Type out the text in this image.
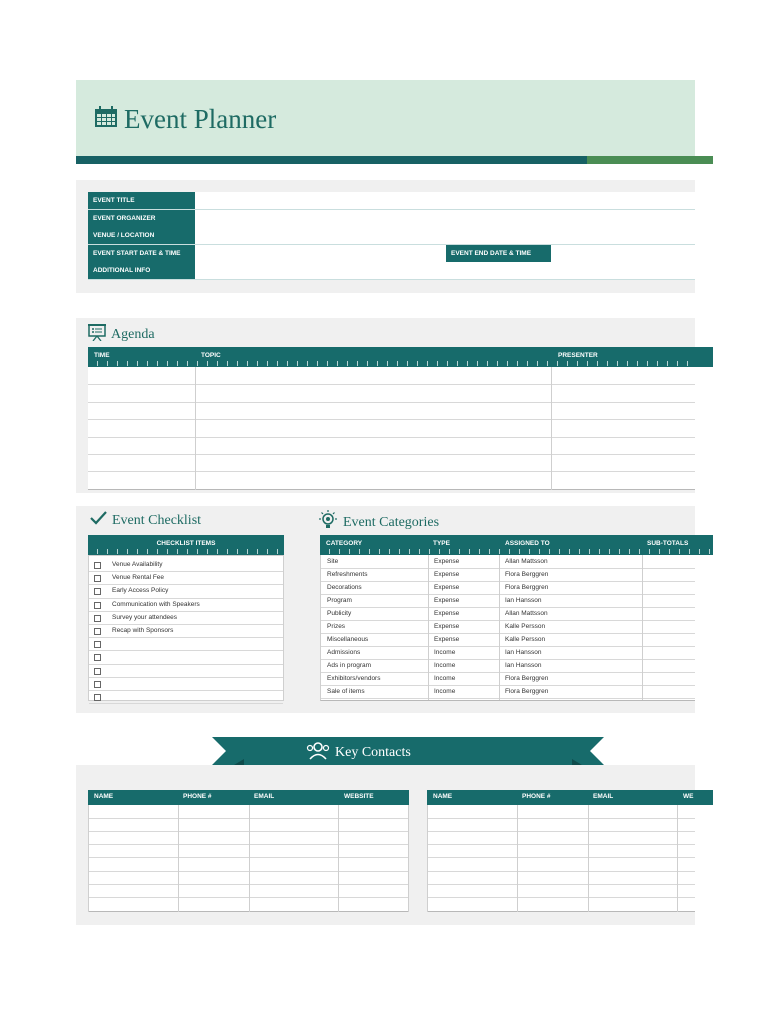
Event Planner
EVENT TITLE
EVENT ORGANIZER
VENUE / LOCATION
EVENT START DATE & TIME	EVENT END DATE & TIME
ADDITIONAL INFO
Agenda
TIME	TOPIC	PRESENTER
Event Checklist
CHECKLIST ITEMS
Venue Availability
Venue Rental Fee
Early Access Policy
Communication with Speakers
Survey your attendees
Recap with Sponsors
Event Categories
CATEGORY	TYPE	ASSIGNED TO	SUB-TOTALS
Site	Expense	Allan Mattsson
Refreshments	Expense	Flora Berggren
Decorations	Expense	Flora Berggren
Program	Expense	Ian Hansson
Publicity	Expense	Allan Mattsson
Prizes	Expense	Kalle Persson
Miscellaneous	Expense	Kalle Persson
Admissions	Income	Ian Hansson
Ads in program	Income	Ian Hansson
Exhibitors/vendors	Income	Flora Berggren
Sale of items	Income	Flora Berggren
Key Contacts
NAME	PHONE #	EMAIL	WEBSITE	NAME	PHONE #	EMAIL	WE
